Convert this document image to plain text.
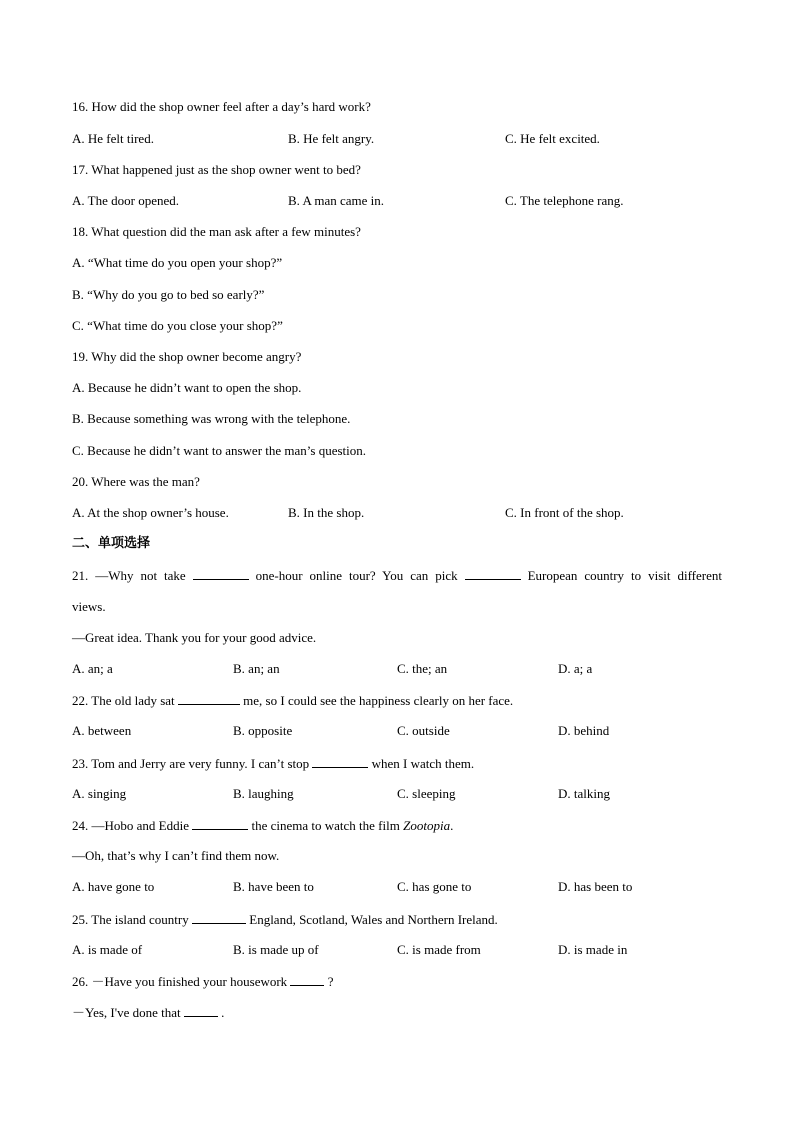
16. How did the shop owner feel after a day’s hard work?
A. He felt tired.	B. He felt angry.	C. He felt excited.
17. What happened just as the shop owner went to bed?
A. The door opened.	B. A man came in.	C. The telephone rang.
18. What question did the man ask after a few minutes?
A. “What time do you open your shop?”
B. “Why do you go to bed so early?”
C. “What time do you close your shop?”
19. Why did the shop owner become angry?
A. Because he didn’t want to open the shop.
B. Because something was wrong with the telephone.
C. Because he didn’t want to answer the man’s question.
20. Where was the man?
A. At the shop owner’s house.	B. In the shop.	C. In front of the shop.
二、单项选择
21. —Why not take	one-hour online tour? You can pick	European country to visit different
views.
—Great idea. Thank you for your good advice.
A. an; a	B. an; an	C. the; an	D. a; a
22. The old lady sat	me, so I could see the happiness clearly on her face.
A. between	B. opposite	C. outside	D. behind
23. Tom and Jerry are very funny. I can’t stop	when I watch them.
A. singing	B. laughing	C. sleeping	D. talking
24. —Hobo and Eddie	the cinema to watch the film Zootopia.
—Oh, that’s why I can’t find them now.
A. have gone to	B. have been to	C. has gone to	D. has been to
25. The island country	England, Scotland, Wales and Northern Ireland.
A. is made of	B. is made up of	C. is made from	D. is made in
26. －Have you finished your housework	?
－Yes, I've done that	.
